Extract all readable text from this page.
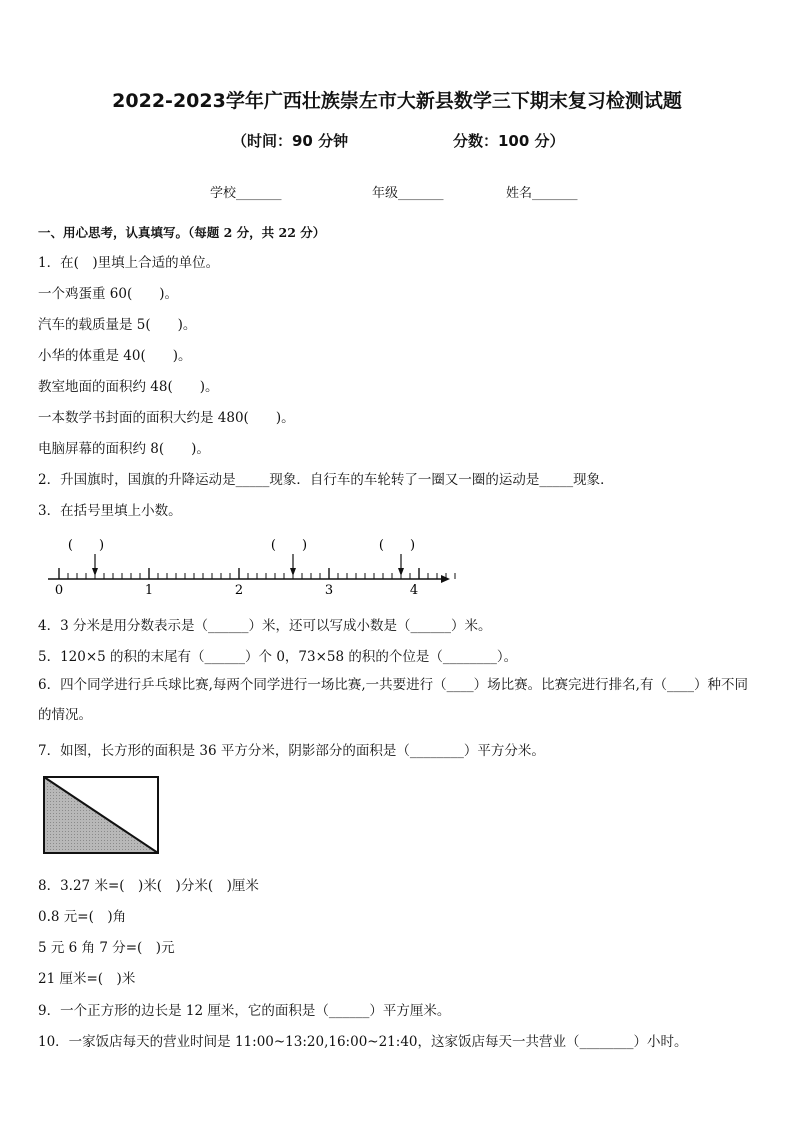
2022-2023学年广西壮族崇左市大新县数学三下期末复习检测试题
（时间：90 分钟	分数：100 分）
学校_______	年级_______	姓名_______
一、用心思考，认真填写。（每题 2 分，共 22 分）
1．在(　)里填上合适的单位。
一个鸡蛋重 60(　　)。
汽车的载质量是 5(　　)。
小华的体重是 40(　　)。
教室地面的面积约 48(　　)。
一本数学书封面的面积大约是 480(　　)。
电脑屏幕的面积约 8(　　)。
2．升国旗时，国旗的升降运动是_____现象．自行车的车轮转了一圈又一圈的运动是_____现象．
3．在括号里填上小数。
0	1	2	3	4
(　　)	(　　)	(　　)
4．3 分米是用分数表示是（______）米，还可以写成小数是（______）米。
5．120×5 的积的末尾有（______）个 0，73×58 的积的个位是（________）。
6．四个同学进行乒乓球比赛,每两个同学进行一场比赛,一共要进行（____）场比赛。比赛完进行排名,有（____）种不同的情况。
7．如图，长方形的面积是 36 平方分米，阴影部分的面积是（________）平方分米。
8．3.27 米=(　)米(　)分米(　)厘米
0.8 元=(　)角
5 元 6 角 7 分=(　)元
21 厘米=(　)米
9．一个正方形的边长是 12 厘米，它的面积是（______）平方厘米。
10．一家饭店每天的营业时间是 11:00~13:20,16:00~21:40，这家饭店每天一共营业（________）小时。
